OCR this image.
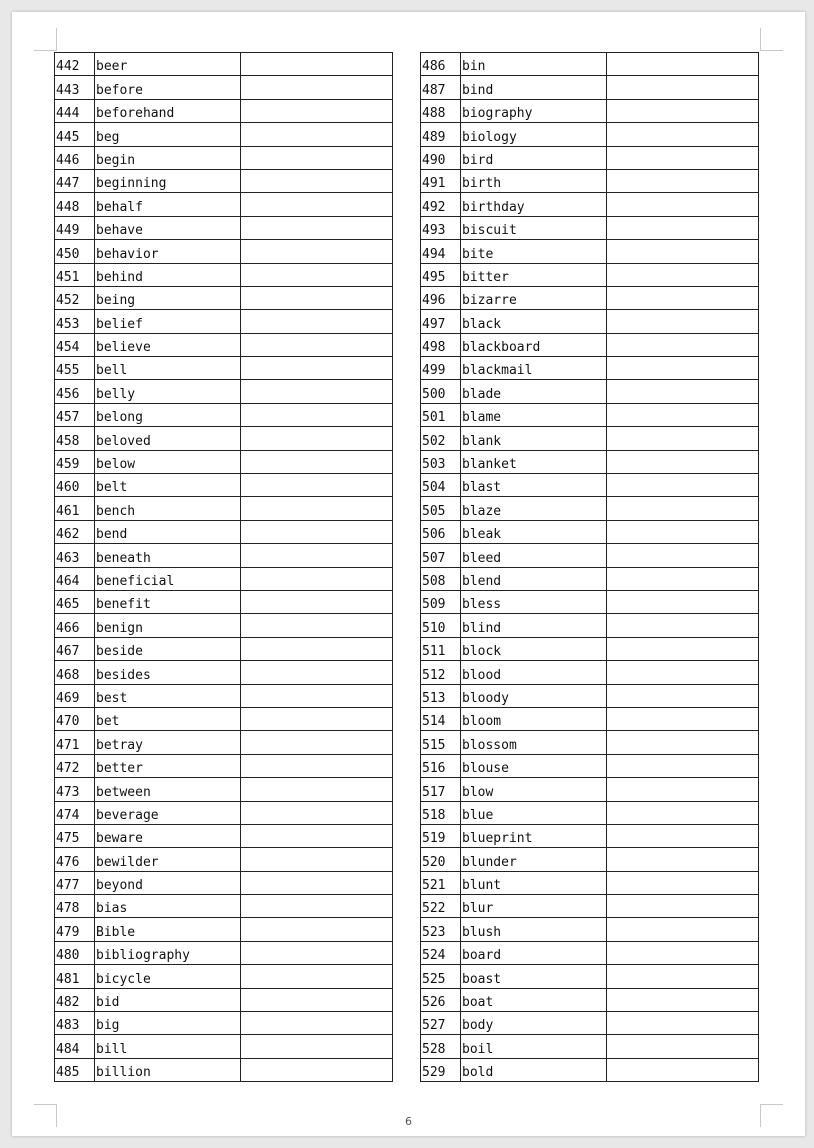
442	beer	
443	before	
444	beforehand	
445	beg	
446	begin	
447	beginning	
448	behalf	
449	behave	
450	behavior	
451	behind	
452	being	
453	belief	
454	believe	
455	bell	
456	belly	
457	belong	
458	beloved	
459	below	
460	belt	
461	bench	
462	bend	
463	beneath	
464	beneficial	
465	benefit	
466	benign	
467	beside	
468	besides	
469	best	
470	bet	
471	betray	
472	better	
473	between	
474	beverage	
475	beware	
476	bewilder	
477	beyond	
478	bias	
479	Bible	
480	bibliography	
481	bicycle	
482	bid	
483	big	
484	bill	
485	billion	
486	bin	
487	bind	
488	biography	
489	biology	
490	bird	
491	birth	
492	birthday	
493	biscuit	
494	bite	
495	bitter	
496	bizarre	
497	black	
498	blackboard	
499	blackmail	
500	blade	
501	blame	
502	blank	
503	blanket	
504	blast	
505	blaze	
506	bleak	
507	bleed	
508	blend	
509	bless	
510	blind	
511	block	
512	blood	
513	bloody	
514	bloom	
515	blossom	
516	blouse	
517	blow	
518	blue	
519	blueprint	
520	blunder	
521	blunt	
522	blur	
523	blush	
524	board	
525	boast	
526	boat	
527	body	
528	boil	
529	bold	
6
